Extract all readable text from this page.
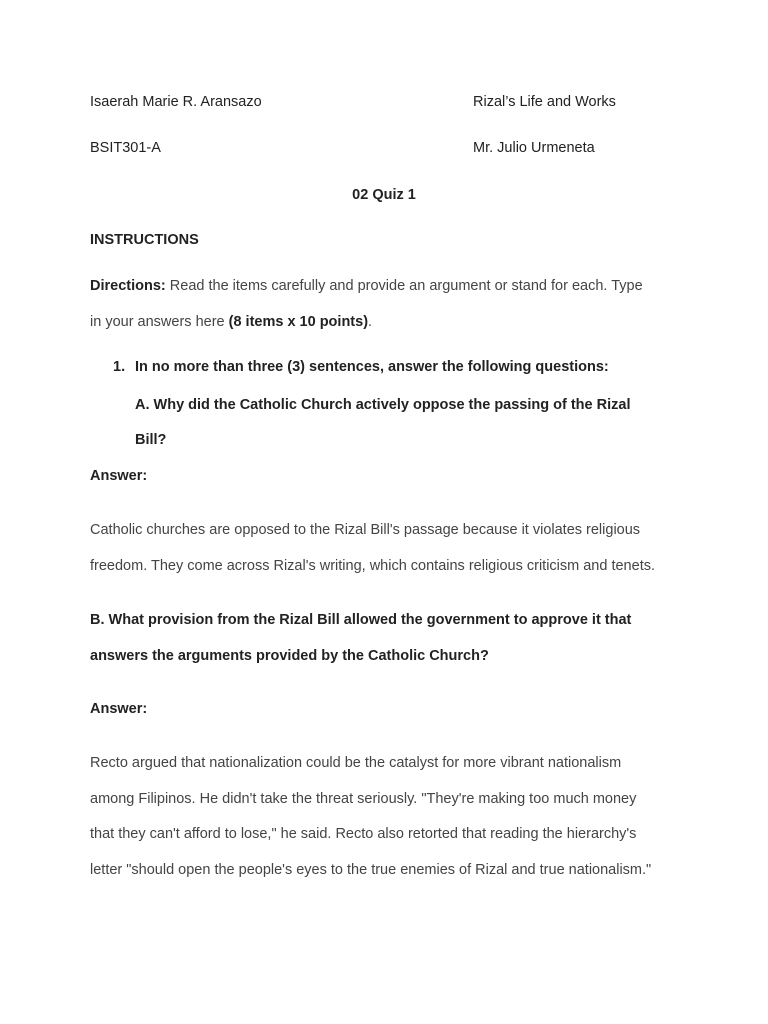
Isaerah Marie R. Aransazo	Rizal’s Life and Works
BSIT301-A	Mr. Julio Urmeneta
02 Quiz 1
INSTRUCTIONS
Directions: Read the items carefully and provide an argument or stand for each. Type
in your answers here (8 items x 10 points).
1. In no more than three (3) sentences, answer the following questions:
A. Why did the Catholic Church actively oppose the passing of the Rizal
Bill?
Answer:
Catholic churches are opposed to the Rizal Bill's passage because it violates religious
freedom. They come across Rizal's writing, which contains religious criticism and tenets.
B. What provision from the Rizal Bill allowed the government to approve it that
answers the arguments provided by the Catholic Church?
Answer:
Recto argued that nationalization could be the catalyst for more vibrant nationalism
among Filipinos. He didn't take the threat seriously. "They're making too much money
that they can't afford to lose," he said. Recto also retorted that reading the hierarchy's
letter "should open the people's eyes to the true enemies of Rizal and true nationalism."
